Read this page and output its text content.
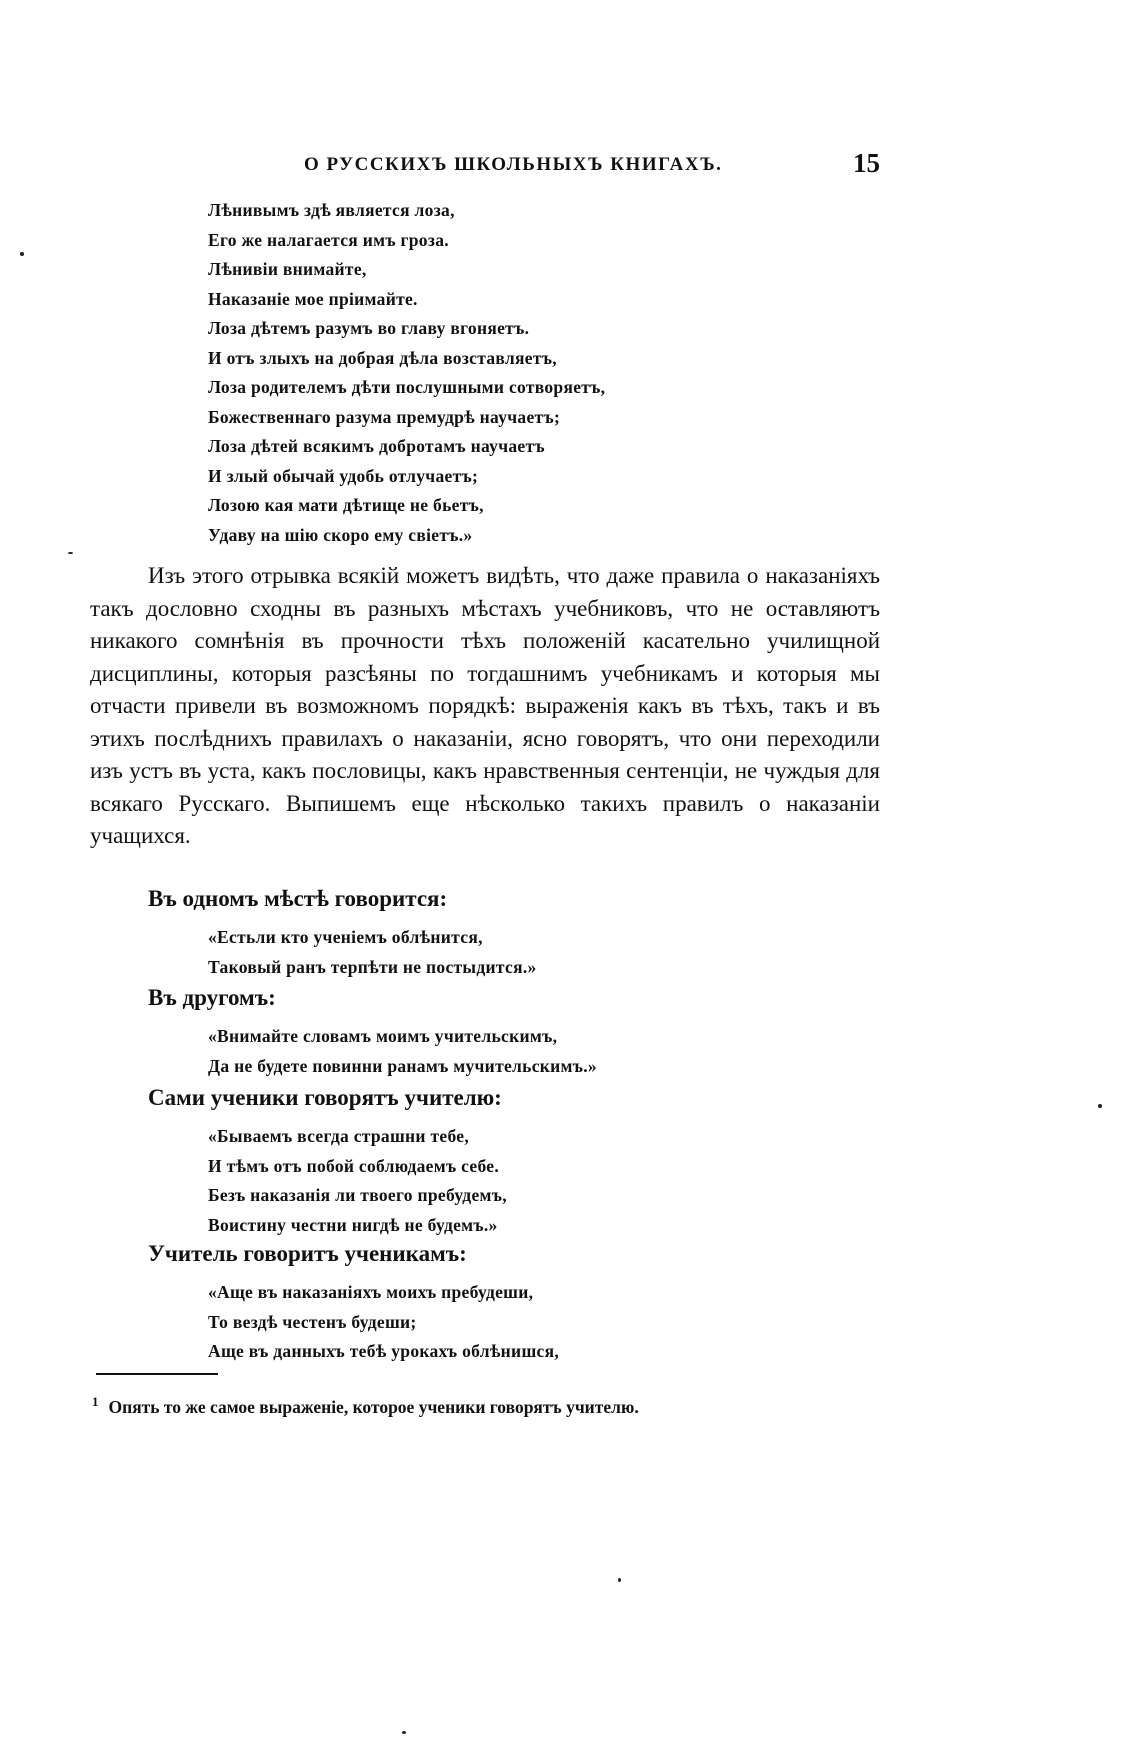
О РУССКИХЪ ШКОЛЬНЫХЪ КНИГАХЪ.	15
Лѣнивымъ здѣ является лоза,
Его же налагается имъ гроза.
Лѣнивіи внимайте,
Наказаніе мое пріимайте.
Лоза дѣтемъ разумъ во главу вгоняетъ.
И отъ злыхъ на добрая дѣла возставляетъ,
Лоза родителемъ дѣти послушными сотворяетъ,
Божественнаго разума премудрѣ научаетъ;
Лоза дѣтей всякимъ добротамъ научаетъ
И злый обычай удобь отлучаетъ;
Лозою кая мати дѣтище не бьетъ,
Удаву на шію скоро ему свіетъ.»

Изъ этого отрывка всякій можетъ видѣть, что даже правила о наказаніяхъ такъ дословно сходны въ разныхъ мѣстахъ учебниковъ, что не оставляютъ никакого сомнѣнія въ прочности тѣхъ положеній касательно училищной дисциплины, которыя разсѣяны по тогдашнимъ учебникамъ и которыя мы отчасти привели въ возможномъ порядкѣ: выраженія какъ въ тѣхъ, такъ и въ этихъ послѣднихъ правилахъ о наказаніи, ясно говорятъ, что они переходили изъ устъ въ уста, какъ пословицы, какъ нравственныя сентенціи, не чуждыя для всякаго Русскаго. Выпишемъ еще нѣсколько такихъ правилъ о наказаніи учащихся.

Въ одномъ мѣстѣ говорится:
«Естьли кто ученіемъ облѣнится,
Таковый ранъ терпѣти не постыдится.»
Въ другомъ:
«Внимайте словамъ моимъ учительскимъ,
Да не будете повинни ранамъ мучительскимъ.»
Сами ученики говорятъ учителю:
«Бываемъ всегда страшни тебе,
И тѣмъ отъ побой соблюдаемъ себе.
Безъ наказанія ли твоего пребудемъ,
Воистину честни нигдѣ не будемъ.»
Учитель говоритъ ученикамъ:
«Аще въ наказаніяхъ моихъ пребудеши,
То вездѣ честенъ будеши;
Аще въ данныхъ тебѣ урокахъ облѣнишся,
$^1$ Опять то же самое выраженіе, которое ученики говорятъ учителю.
